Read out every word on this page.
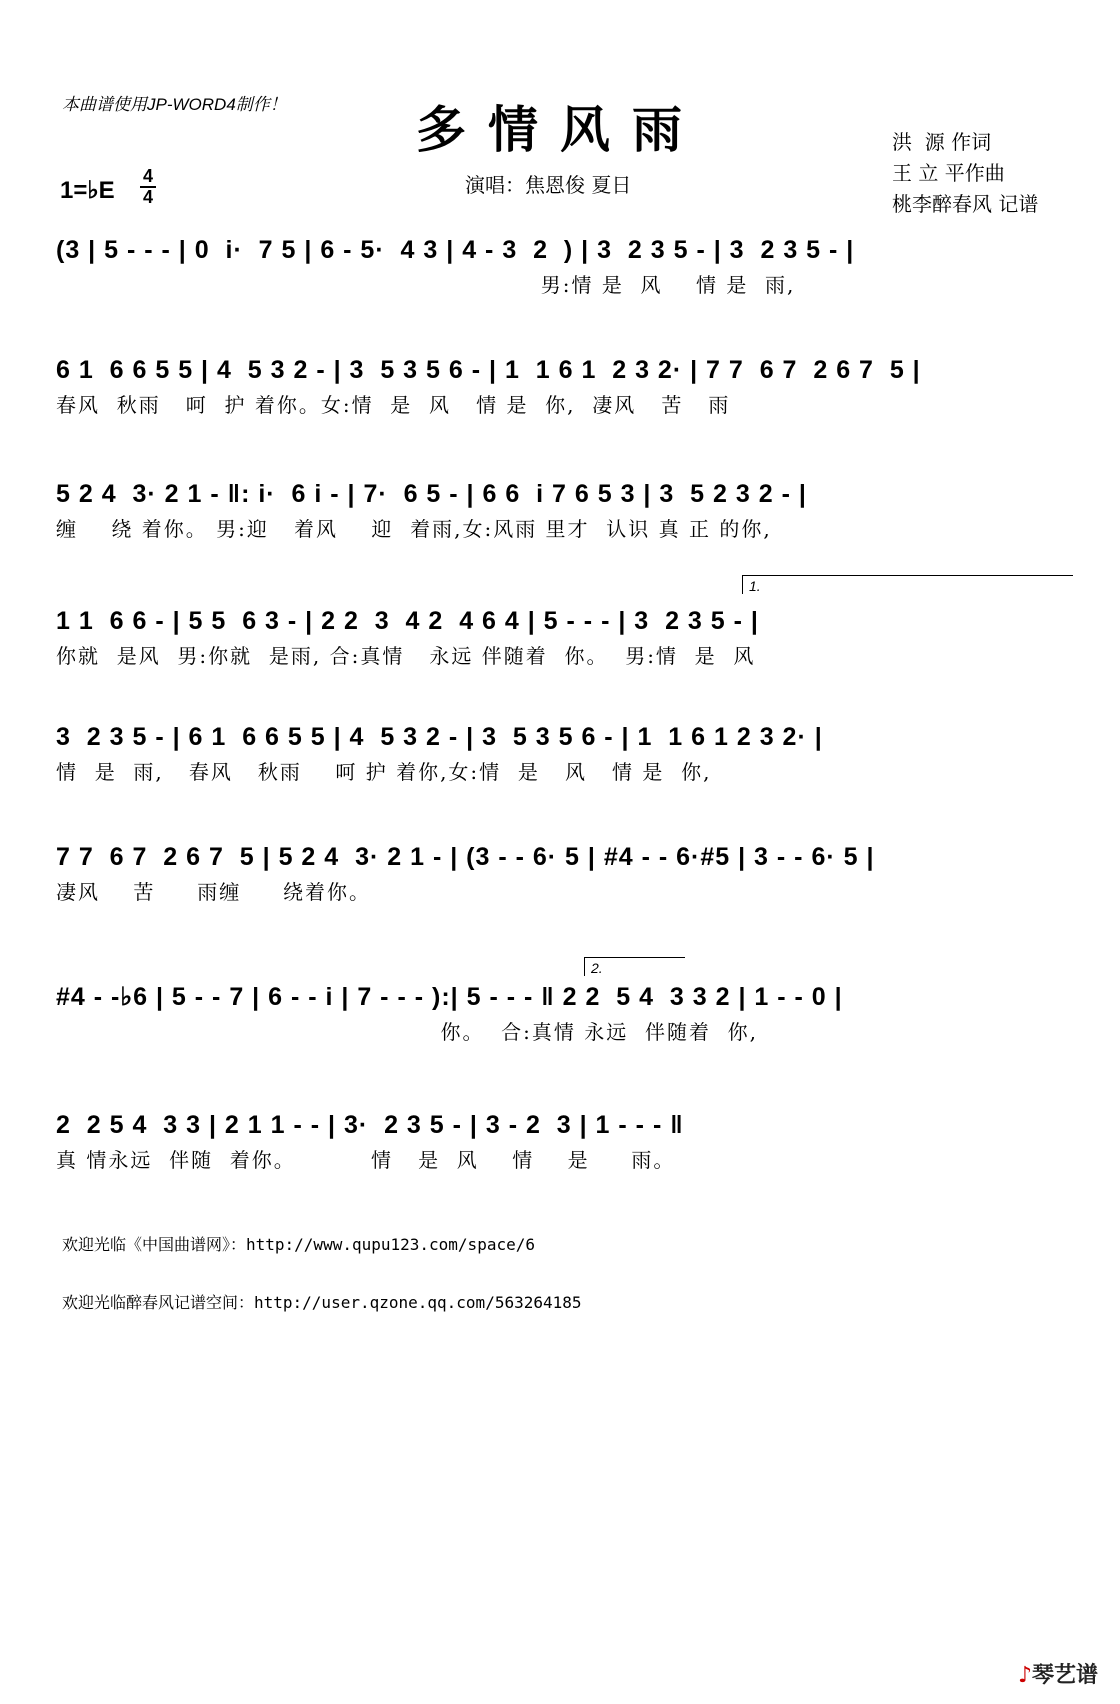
本曲谱使用JP-WORD4制作！	多情风雨	洪  源 作词
王 立 平作曲
桃李醉春风 记谱
1=♭E
4
4	演唱：焦恩俊 夏日
1.
2.
(3 | 5 - - - | 0  i·  7 5 | 6 - 5·  4 3 | 4 - 3  2  ) | 3  2 3 5 - | 3  2 3 5 - |
男:情 是  风    情 是  雨,
6 1  6 6 5 5 | 4  5 3 2 - | 3  5 3 5 6 - | 1  1 6 1  2 3 2· | 7 7  6 7  2 6 7  5 |
春风  秋雨   呵  护 着你。女:情  是  风   情 是  你,  凄风   苦   雨
5 2 4  3· 2 1 - ‖: i·  6 i - | 7·  6 5 - | 6 6  i 7 6 5 3 | 3  5 2 3 2 - |
缠    绕 着你。 男:迎   着风    迎  着雨,女:风雨 里才  认识 真 正 的你,
1 1  6 6 - | 5 5  6 3 - | 2 2  3  4 2  4 6 4 | 5 - - - | 3  2 3 5 - |
你就  是风  男:你就  是雨, 合:真情   永远 伴随着  你。  男:情  是  风
3  2 3 5 - | 6 1  6 6 5 5 | 4  5 3 2 - | 3  5 3 5 6 - | 1  1 6 1 2 3 2· |
情  是  雨,   春风   秋雨    呵 护 着你,女:情  是   风   情 是  你,
7 7  6 7  2 6 7  5 | 5 2 4  3· 2 1 - | (3 - - 6· 5 | #4 - - 6·#5 | 3 - - 6· 5 |
凄风    苦     雨缠     绕着你。
#4 - -♭6 | 5 - - 7 | 6 - - i | 7 - - - ):| 5 - - - ‖ 2 2  5 4  3 3 2 | 1 - - 0 |
你。  合:真情 永远  伴随着  你,
2  2 5 4  3 3 | 2 1 1 - - | 3·  2 3 5 - | 3 - 2  3 | 1 - - - ‖
真 情永远  伴随  着你。         情   是  风    情    是     雨。
欢迎光临《中国曲谱网》：http://www.qupu123.com/space/6
欢迎光临醉春风记谱空间：http://user.qzone.qq.com/563264185
♪琴艺谱
